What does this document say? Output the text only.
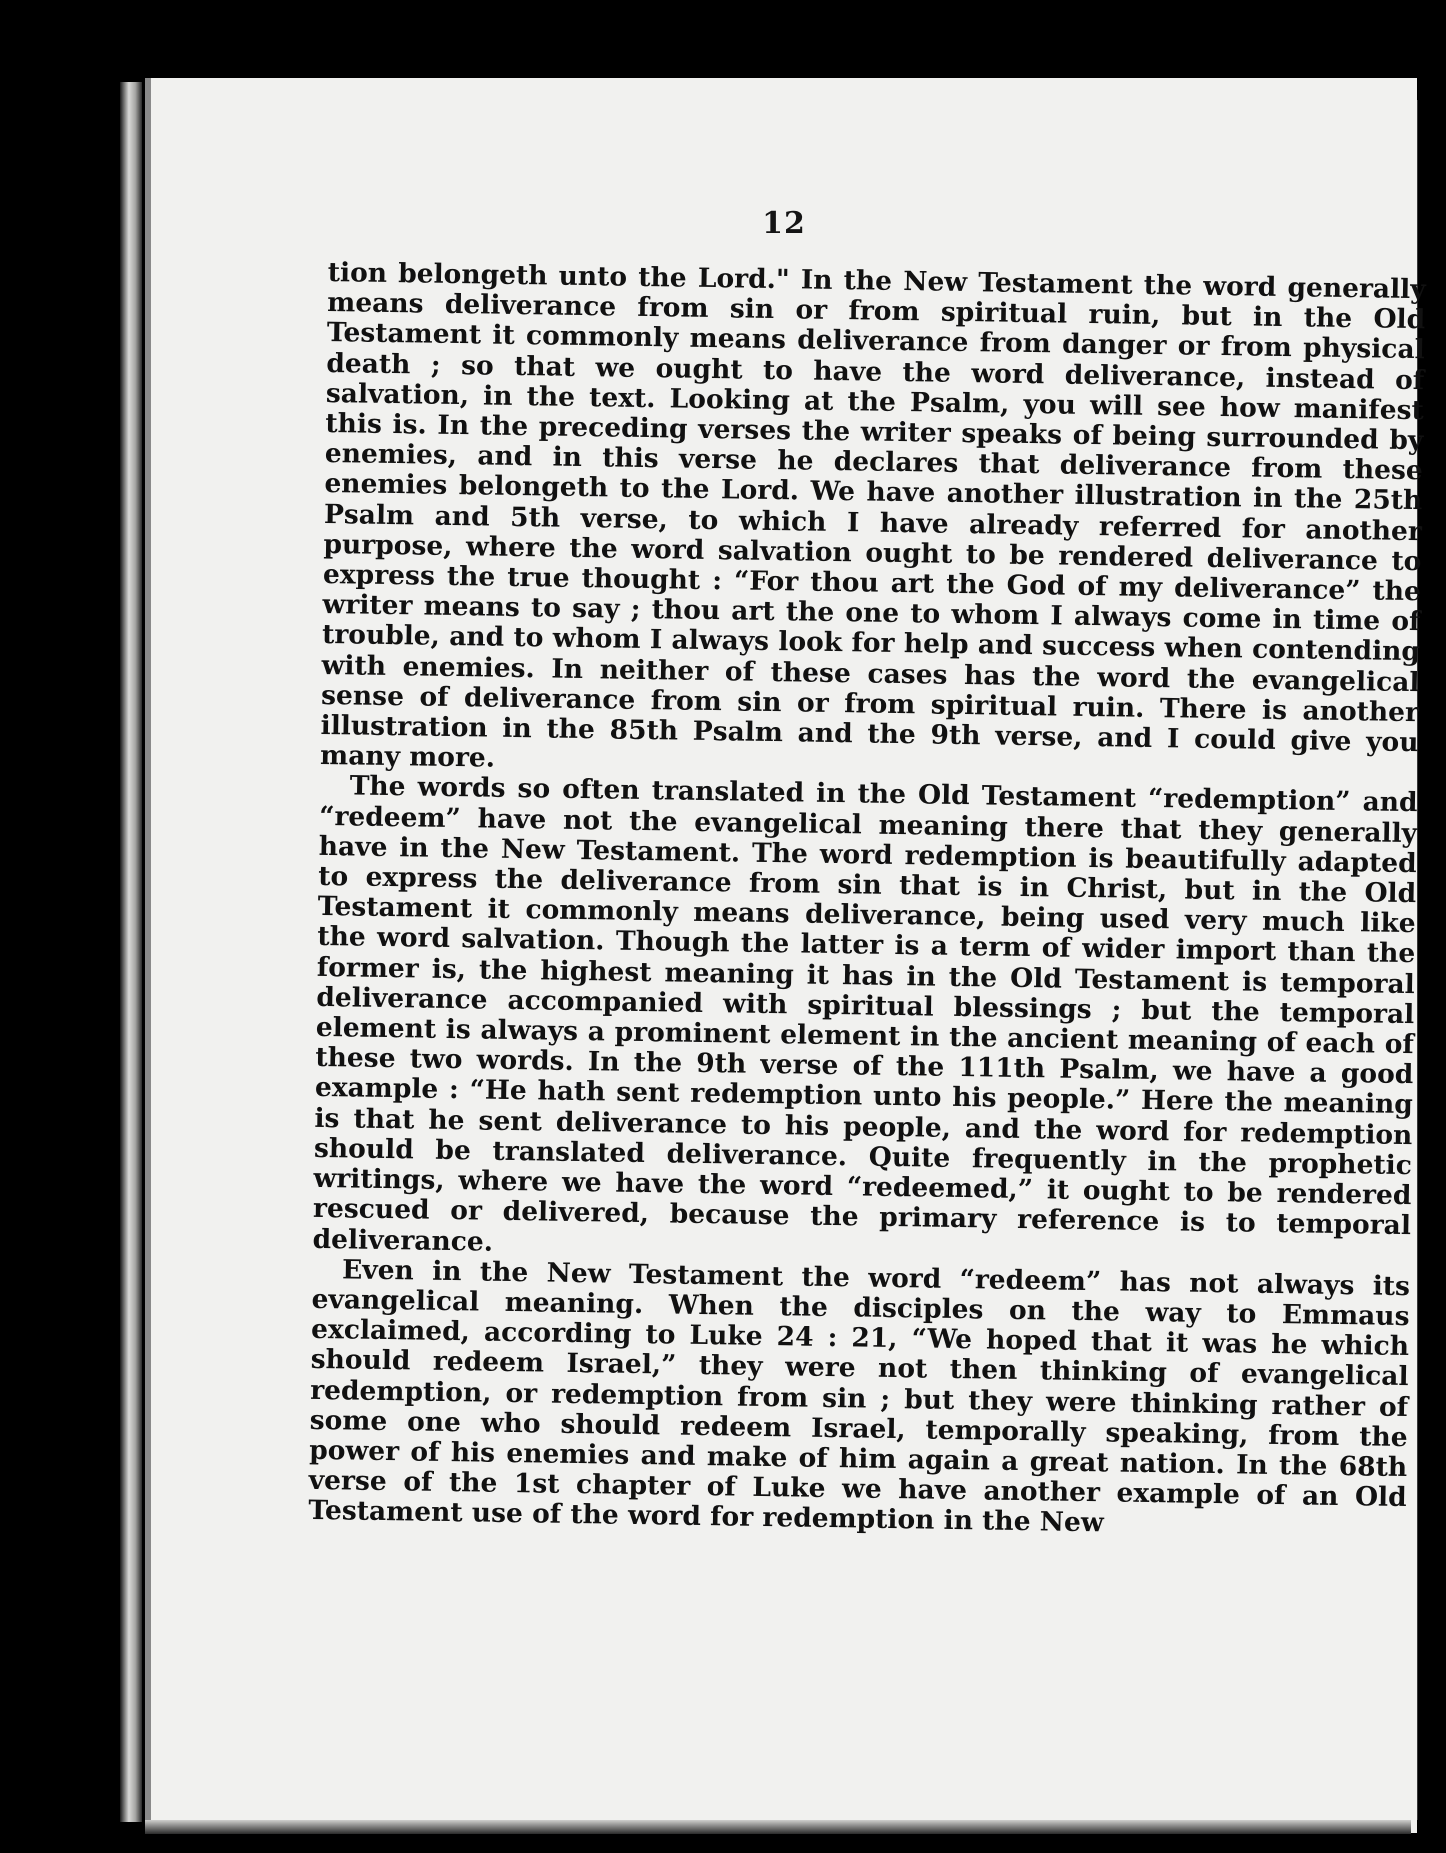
12

tion belongeth unto the Lord." In the New Testament the word generally means deliverance from sin or from spiritual ruin, but in the Old Testament it commonly means deliverance from danger or from physical death ; so that we ought to have the word deliverance, instead of salvation, in the text. Looking at the Psalm, you will see how manifest this is. In the preceding verses the writer speaks of being surrounded by enemies, and in this verse he declares that deliverance from these enemies belongeth to the Lord. We have another illustration in the 25th Psalm and 5th verse, to which I have already referred for another purpose, where the word salvation ought to be rendered deliverance to express the true thought : “For thou art the God of my deliverance” the writer means to say ; thou art the one to whom I always come in time of trouble, and to whom I always look for help and success when contending with enemies. In neither of these cases has the word the evangelical sense of deliverance from sin or from spiritual ruin. There is another illustration in the 85th Psalm and the 9th verse, and I could give you many more.

The words so often translated in the Old Testament “redemption” and “redeem” have not the evangelical meaning there that they generally have in the New Testament. The word redemption is beautifully adapted to express the deliverance from sin that is in Christ, but in the Old Testament it commonly means deliverance, being used very much like the word salvation. Though the latter is a term of wider import than the former is, the highest meaning it has in the Old Testament is temporal deliverance accompanied with spiritual blessings ; but the temporal element is always a prominent element in the ancient meaning of each of these two words. In the 9th verse of the 111th Psalm, we have a good example : “He hath sent redemption unto his people.” Here the meaning is that he sent deliverance to his people, and the word for redemption should be translated deliverance. Quite frequently in the prophetic writings, where we have the word “redeemed,” it ought to be rendered rescued or delivered, because the primary reference is to temporal deliverance.

Even in the New Testament the word “redeem” has not always its evangelical meaning. When the disciples on the way to Emmaus exclaimed, according to Luke 24 : 21, “We hoped that it was he which should redeem Israel,” they were not then thinking of evangelical redemption, or redemption from sin ; but they were thinking rather of some one who should redeem Israel, temporally speaking, from the power of his enemies and make of him again a great nation. In the 68th verse of the 1st chapter of Luke we have another example of an Old Testament use of the word for redemption in the New
